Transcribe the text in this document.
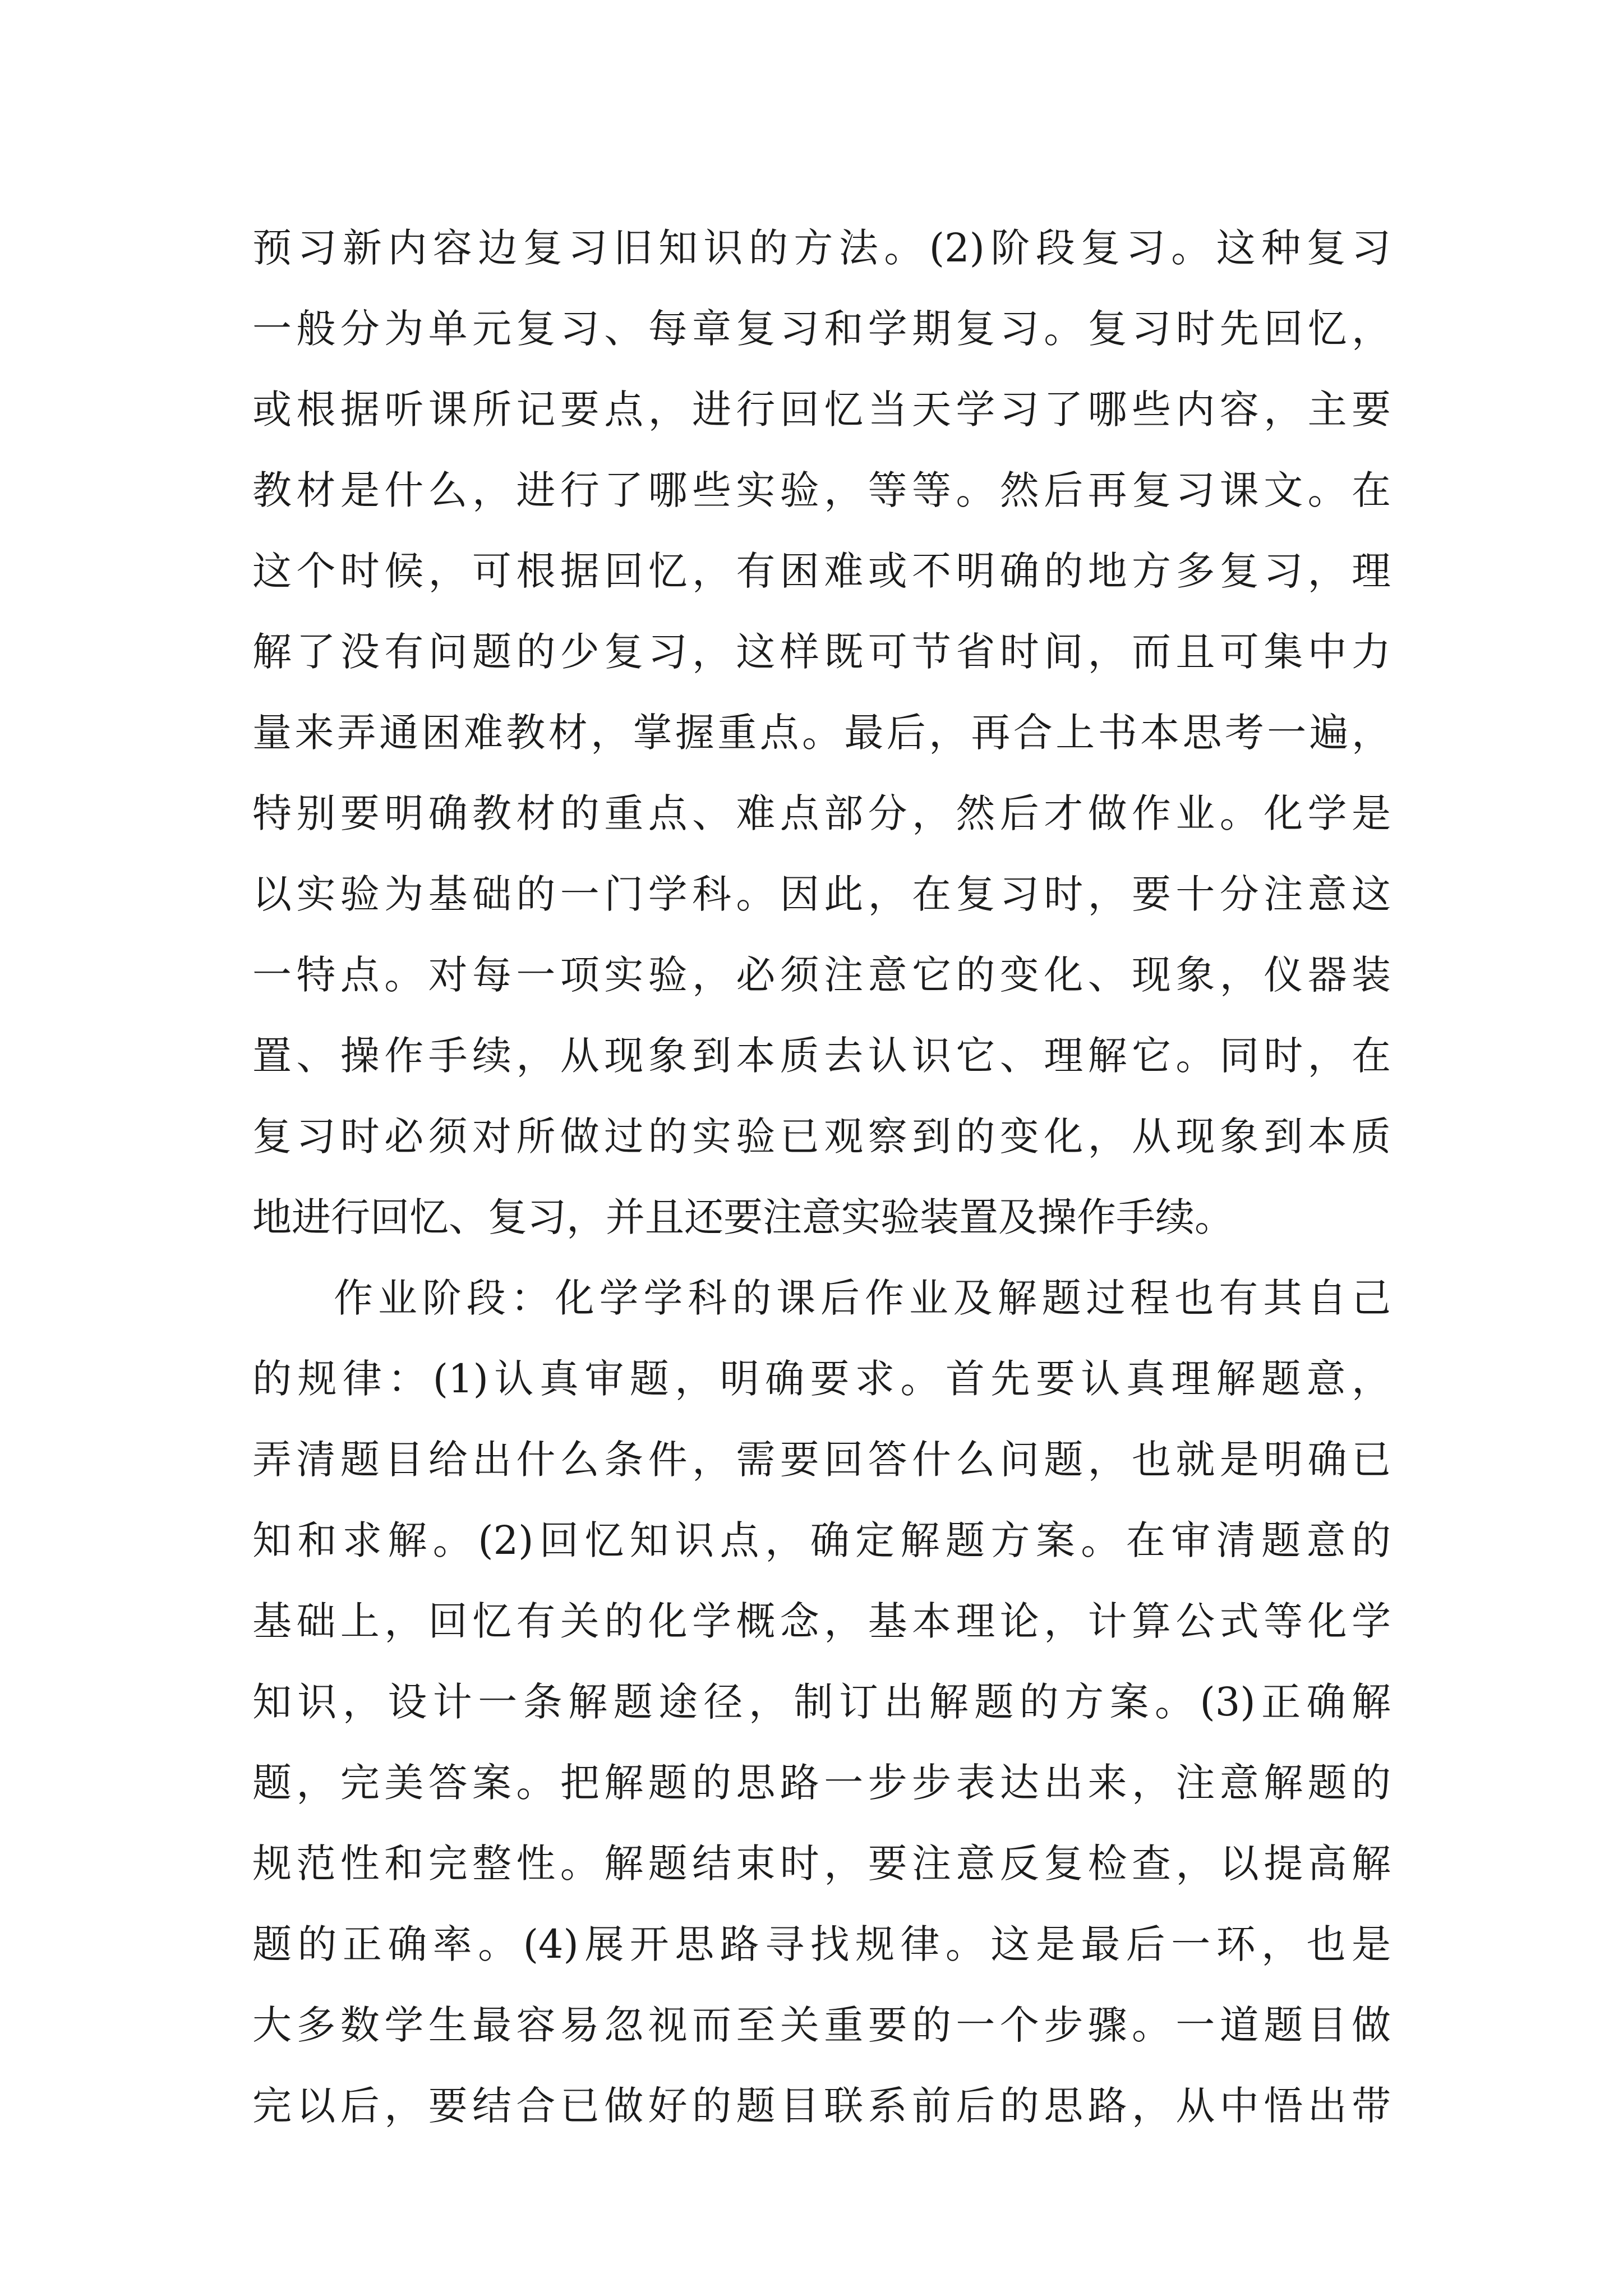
预习新内容边复习旧知识的方法。(2)阶段复习。这种复习
一般分为单元复习、每章复习和学期复习。复习时先回忆，
或根据听课所记要点，进行回忆当天学习了哪些内容，主要
教材是什么，进行了哪些实验，等等。然后再复习课文。在
这个时候，可根据回忆，有困难或不明确的地方多复习，理
解了没有问题的少复习，这样既可节省时间，而且可集中力
量来弄通困难教材，掌握重点。最后，再合上书本思考一遍，
特别要明确教材的重点、难点部分，然后才做作业。化学是
以实验为基础的一门学科。因此，在复习时，要十分注意这
一特点。对每一项实验，必须注意它的变化、现象，仪器装
置、操作手续，从现象到本质去认识它、理解它。同时，在
复习时必须对所做过的实验已观察到的变化，从现象到本质
地进行回忆、复习，并且还要注意实验装置及操作手续。
作业阶段：化学学科的课后作业及解题过程也有其自己
的规律：(1)认真审题，明确要求。首先要认真理解题意，
弄清题目给出什么条件，需要回答什么问题，也就是明确已
知和求解。(2)回忆知识点，确定解题方案。在审清题意的
基础上，回忆有关的化学概念，基本理论，计算公式等化学
知识，设计一条解题途径，制订出解题的方案。(3)正确解
题，完美答案。把解题的思路一步步表达出来，注意解题的
规范性和完整性。解题结束时，要注意反复检查，以提高解
题的正确率。(4)展开思路寻找规律。这是最后一环，也是
大多数学生最容易忽视而至关重要的一个步骤。一道题目做
完以后，要结合已做好的题目联系前后的思路，从中悟出带
